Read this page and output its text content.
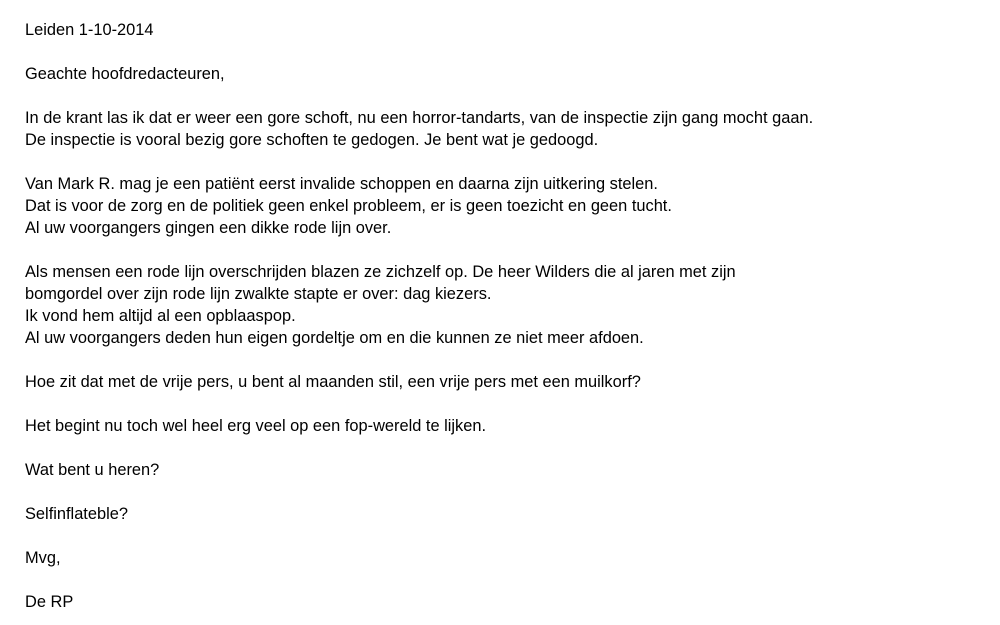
Leiden 1-10-2014

Geachte hoofdredacteuren,

In de krant las ik dat er weer een gore schoft, nu een horror-tandarts, van de inspectie zijn gang mocht gaan.
De inspectie is vooral bezig gore schoften te gedogen. Je bent wat je gedoogd.

Van Mark R. mag je een patiënt eerst invalide schoppen en daarna zijn uitkering stelen.
Dat is voor de zorg en de politiek geen enkel probleem, er is geen toezicht en geen tucht.
Al uw voorgangers gingen een dikke rode lijn over.

Als mensen een rode lijn overschrijden blazen ze zichzelf op. De heer Wilders die al jaren met zijn
bomgordel over zijn rode lijn zwalkte stapte er over: dag kiezers.
Ik vond hem altijd al een opblaaspop.
Al uw voorgangers deden hun eigen gordeltje om en die kunnen ze niet meer afdoen.

Hoe zit dat met de vrije pers, u bent al maanden stil, een vrije pers met een muilkorf?

Het begint nu toch wel heel erg veel op een fop-wereld te lijken.

Wat bent u heren?

Selfinflateble?

Mvg,

De RP
